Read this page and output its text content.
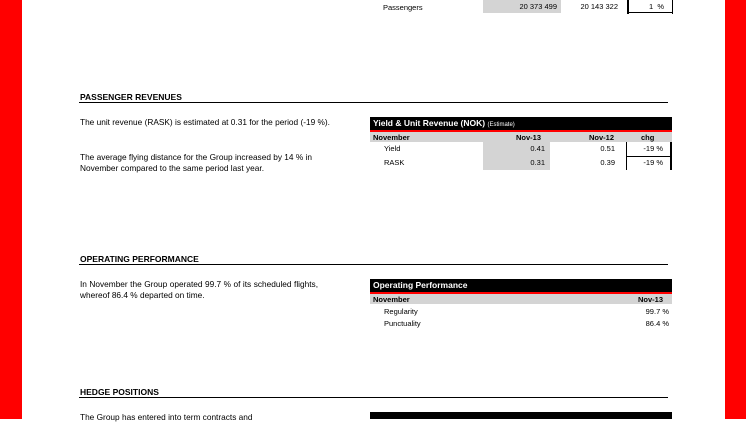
Passengers	20 373 499	20 143 322	1 %
PASSENGER REVENUES
The unit revenue (RASK) is estimated at 0.31 for the period (-19 %).
The average flying distance for the Group increased by 14 % in November compared to the same period last year.
Yield & Unit Revenue (NOK) (Estimate)
November	Nov-13	Nov-12	chg
Yield	0.41	0.51	-19 %
RASK	0.31	0.39	-19 %
OPERATING PERFORMANCE
In November the Group operated 99.7 % of its scheduled flights, whereof 86.4 % departed on time.
Operating Performance
November	Nov-13
Regularity	99.7 %
Punctuality	86.4 %
HEDGE POSITIONS
The Group has entered into term contracts and
